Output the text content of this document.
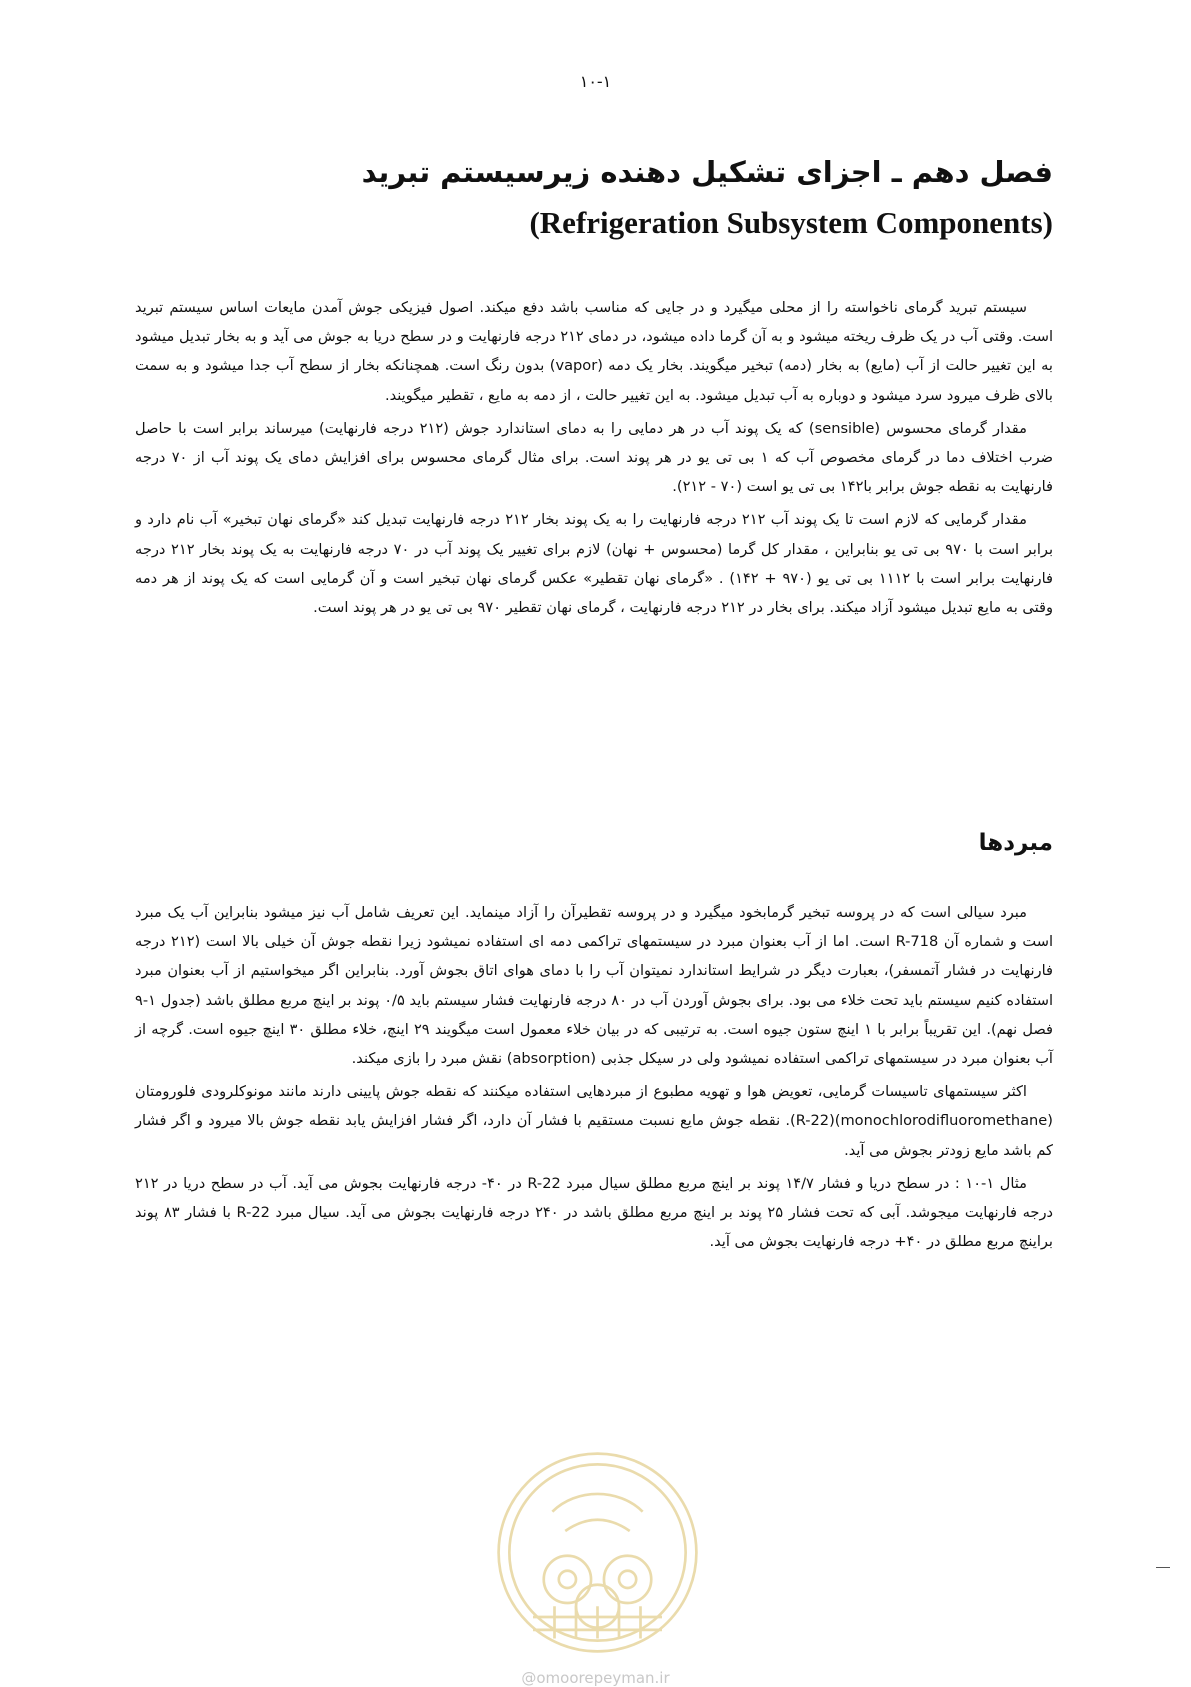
۱۰-۱
فصل دهم ـ اجزای تشکیل دهنده زیرسیستم تبرید
(Refrigeration Subsystem Components)

سیستم تبرید گرمای ناخواسته را از محلی میگیرد و در جایی که مناسب باشد دفع میکند. اصول فیزیکی جوش آمدن مایعات اساس سیستم تبرید است. وقتی آب در یک ظرف ریخته میشود و به آن گرما داده میشود، در دمای ۲۱۲ درجه فارنهایت و در سطح دریا به جوش می آید و به بخار تبدیل میشود به این تغییر حالت از آب (مایع) به بخار (دمه) تبخیر میگویند. بخار یک دمه (vapor) بدون رنگ است. همچنانکه بخار از سطح آب جدا میشود و به سمت بالای ظرف میرود سرد میشود و دوباره به آب تبدیل میشود. به این تغییر حالت ، از دمه به مایع ، تقطیر میگویند.

مقدار گرمای محسوس (sensible) که یک پوند آب در هر دمایی را به دمای استاندارد جوش (۲۱۲ درجه فارنهایت) میرساند برابر است با حاصل ضرب اختلاف دما در گرمای مخصوص آب که ۱ بی تی یو در هر پوند است. برای مثال گرمای محسوس برای افزایش دمای یک پوند آب از ۷۰ درجه فارنهایت به نقطه جوش برابر با۱۴۲ بی تی یو است (۷۰ - ۲۱۲).

مقدار گرمایی که لازم است تا یک پوند آب ۲۱۲ درجه فارنهایت را به یک پوند بخار ۲۱۲ درجه فارنهایت تبدیل کند «گرمای نهان تبخیر» آب نام دارد و برابر است با ۹۷۰ بی تی یو بنابراین ، مقدار کل گرما (محسوس + نهان) لازم برای تغییر یک پوند آب در ۷۰ درجه فارنهایت به یک پوند بخار ۲۱۲ درجه فارنهایت برابر است با ۱۱۱۲ بی تی یو (۹۷۰ + ۱۴۲) . «گرمای نهان تقطیر» عکس گرمای نهان تبخیر است و آن گرمایی است که یک پوند از هر دمه وقتی به مایع تبدیل میشود آزاد میکند. برای بخار در ۲۱۲ درجه فارنهایت ، گرمای نهان تقطیر ۹۷۰ بی تی یو در هر پوند است.

مبردها

مبرد سیالی است که در پروسه تبخیر گرمابخود میگیرد و در پروسه تقطیرآن را آزاد مینماید. این تعریف شامل آب نیز میشود بنابراین آب یک مبرد است و شماره آن R-718 است. اما از آب بعنوان مبرد در سیستمهای تراکمی دمه ای استفاده نمیشود زیرا نقطه جوش آن خیلی بالا است (۲۱۲ درجه فارنهایت در فشار آتمسفر)، بعبارت دیگر در شرایط استاندارد نمیتوان آب را با دمای هوای اتاق بجوش آورد. بنابراین اگر میخواستیم از آب بعنوان مبرد استفاده کنیم سیستم باید تحت خلاء می بود. برای بجوش آوردن آب در ۸۰ درجه فارنهایت فشار سیستم باید ۰/۵ پوند بر اینچ مربع مطلق باشد (جدول ۱-۹ فصل نهم). این تقریباً برابر با ۱ اینچ ستون جیوه است. به ترتیبی که در بیان خلاء معمول است میگویند ۲۹ اینچ، خلاء مطلق ۳۰ اینچ جیوه است. گرچه از آب بعنوان مبرد در سیستمهای تراکمی استفاده نمیشود ولی در سیکل جذبی (absorption) نقش مبرد را بازی میکند.

اکثر سیستمهای تاسیسات گرمایی، تعویض هوا و تهویه مطبوع از مبردهایی استفاده میکنند که نقطه جوش پایینی دارند مانند مونوکلرودی فلورومتان (monochlorodifluoromethane)(R-22). نقطه جوش مایع نسبت مستقیم با فشار آن دارد، اگر فشار افزایش یابد نقطه جوش بالا میرود و اگر فشار کم باشد مایع زودتر بجوش می آید.

مثال ۱-۱۰ : در سطح دریا و فشار ۱۴/۷ پوند بر اینچ مربع مطلق سیال مبرد R-22 در ۴۰- درجه فارنهایت بجوش می آید. آب در سطح دریا در ۲۱۲ درجه فارنهایت میجوشد. آبی که تحت فشار ۲۵ پوند بر اینچ مربع مطلق باشد در ۲۴۰ درجه فارنهایت بجوش می آید. سیال مبرد R-22 با فشار ۸۳ پوند براینچ مربع مطلق در ۴۰+ درجه فارنهایت بجوش می آید.

@omoorepeyman.ir
